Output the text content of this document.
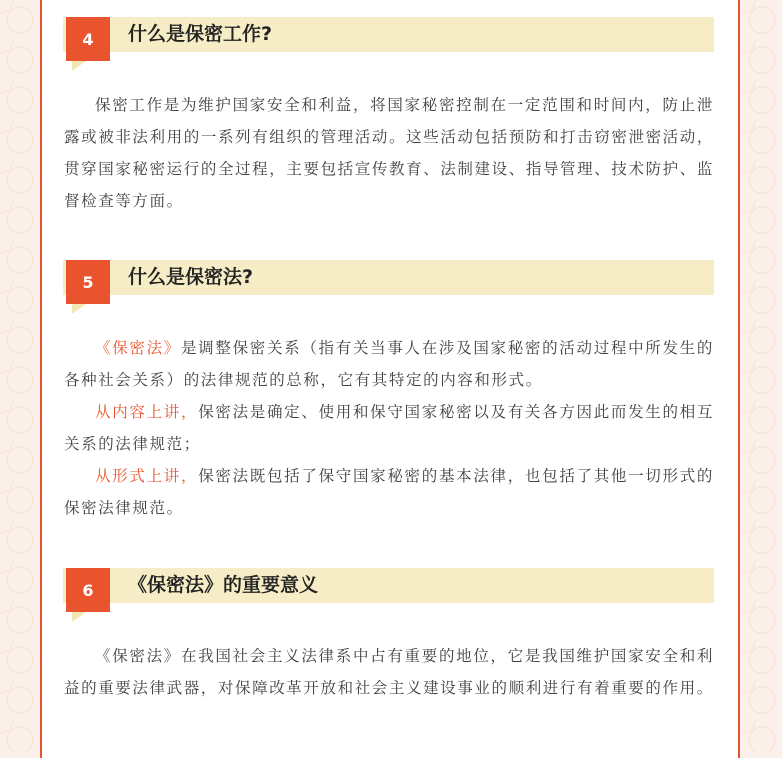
4	什么是保密工作?

保密工作是为维护国家安全和利益，将国家秘密控制在一定范围和时间内，防止泄露或被非法利用的一系列有组织的管理活动。这些活动包括预防和打击窃密泄密活动，贯穿国家秘密运行的全过程，主要包括宣传教育、法制建设、指导管理、技术防护、监督检查等方面。

5	什么是保密法?

《保密法》是调整保密关系（指有关当事人在涉及国家秘密的活动过程中所发生的各种社会关系）的法律规范的总称，它有其特定的内容和形式。

从内容上讲，保密法是确定、使用和保守国家秘密以及有关各方因此而发生的相互关系的法律规范；

从形式上讲，保密法既包括了保守国家秘密的基本法律，也包括了其他一切形式的保密法律规范。

6	《保密法》的重要意义

《保密法》在我国社会主义法律系中占有重要的地位，它是我国维护国家安全和利益的重要法律武器，对保障改革开放和社会主义建设事业的顺利进行有着重要的作用。
